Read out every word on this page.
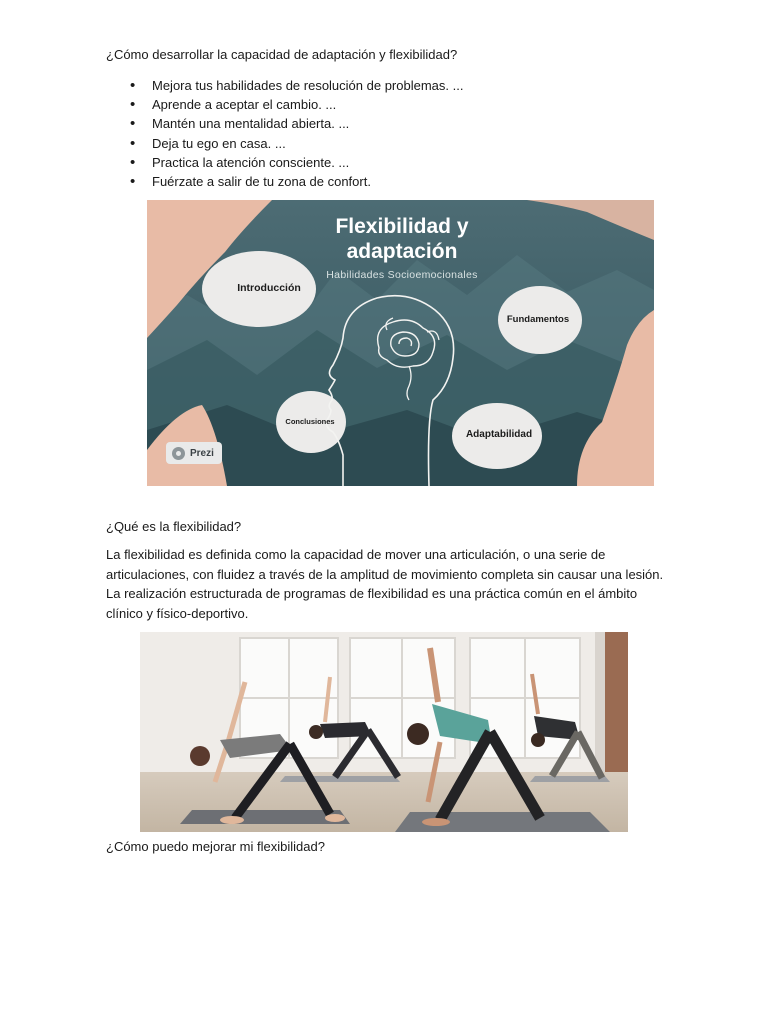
¿Cómo desarrollar la capacidad de adaptación y flexibilidad?

• Mejora tus habilidades de resolución de problemas. ...
• Aprende a aceptar el cambio. ...
• Mantén una mentalidad abierta. ...
• Deja tu ego en casa. ...
• Practica la atención consciente. ...
• Fuérzate a salir de tu zona de confort.
Flexibilidad y
adaptación
Habilidades Socioemocionales
Introducción
Fundamentos
Conclusiones
Adaptabilidad
Prezi

¿Qué es la flexibilidad?

La flexibilidad es definida como la capacidad de mover una articulación, o una serie de articulaciones, con fluidez a través de la amplitud de movimiento completa sin causar una lesión. La realización estructurada de programas de flexibilidad es una práctica común en el ámbito clínico y físico-deportivo.

¿Cómo puedo mejorar mi flexibilidad?
